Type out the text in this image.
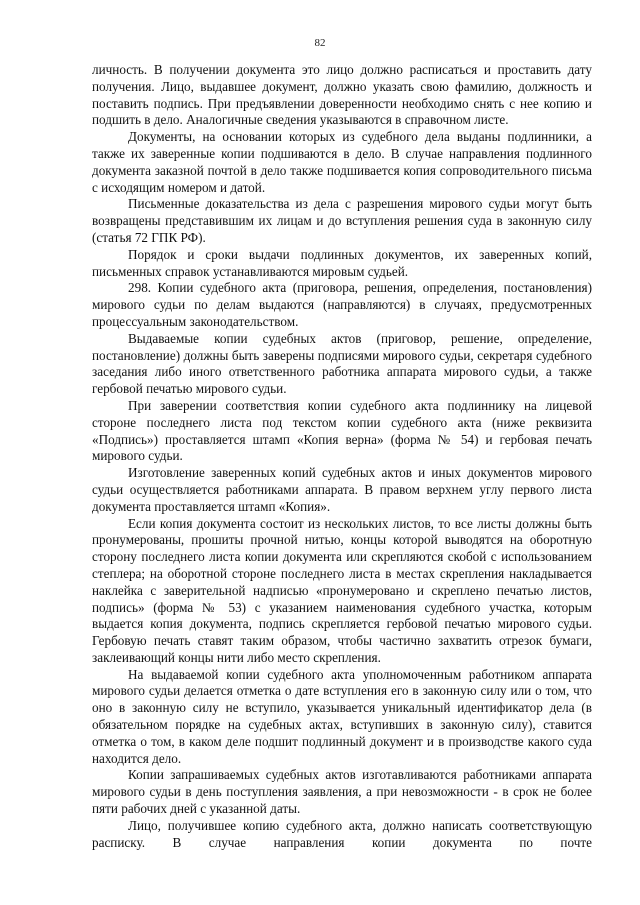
82

личность. В получении документа это лицо должно расписаться и проставить дату получения. Лицо, выдавшее документ, должно указать свою фамилию, должность и поставить подпись. При предъявлении доверенности необходимо снять с нее копию и подшить в дело. Аналогичные сведения указываются в справочном листе.

Документы, на основании которых из судебного дела выданы подлинники, а также их заверенные копии подшиваются в дело. В случае направления подлинного документа заказной почтой в дело также подшивается копия сопроводительного письма с исходящим номером и датой.

Письменные доказательства из дела с разрешения мирового судьи могут быть возвращены представившим их лицам и до вступления решения суда в законную силу (статья 72 ГПК РФ).

Порядок и сроки выдачи подлинных документов, их заверенных копий, письменных справок устанавливаются мировым судьей.

298. Копии судебного акта (приговора, решения, определения, постановления) мирового судьи по делам выдаются (направляются) в случаях, предусмотренных процессуальным законодательством.

Выдаваемые копии судебных актов (приговор, решение, определение, постановление) должны быть заверены подписями мирового судьи, секретаря судебного заседания либо иного ответственного работника аппарата мирового судьи, а также гербовой печатью мирового судьи.

При заверении соответствия копии судебного акта подлиннику на лицевой стороне последнего листа под текстом копии судебного акта (ниже реквизита «Подпись») проставляется штамп «Копия верна» (форма № 54) и гербовая печать мирового судьи.

Изготовление заверенных копий судебных актов и иных документов мирового судьи осуществляется работниками аппарата. В правом верхнем углу первого листа документа проставляется штамп «Копия».

Если копия документа состоит из нескольких листов, то все листы должны быть пронумерованы, прошиты прочной нитью, концы которой выводятся на оборотную сторону последнего листа копии документа или скрепляются скобой с использованием степлера; на оборотной стороне последнего листа в местах скрепления накладывается наклейка с заверительной надписью «пронумеровано и скреплено печатью листов, подпись» (форма № 53) с указанием наименования судебного участка, которым выдается копия документа, подпись скрепляется гербовой печатью мирового судьи. Гербовую печать ставят таким образом, чтобы частично захватить отрезок бумаги, заклеивающий концы нити либо место скрепления.

На выдаваемой копии судебного акта уполномоченным работником аппарата мирового судьи делается отметка о дате вступления его в законную силу или о том, что оно в законную силу не вступило, указывается уникальный идентификатор дела (в обязательном порядке на судебных актах, вступивших в законную силу), ставится отметка о том, в каком деле подшит подлинный документ и в производстве какого суда находится дело.

Копии запрашиваемых судебных актов изготавливаются работниками аппарата мирового судьи в день поступления заявления, а при невозможности - в срок не более пяти рабочих дней с указанной даты.

Лицо, получившее копию судебного акта, должно написать соответствующую расписку. В случае направления копии документа по почте
